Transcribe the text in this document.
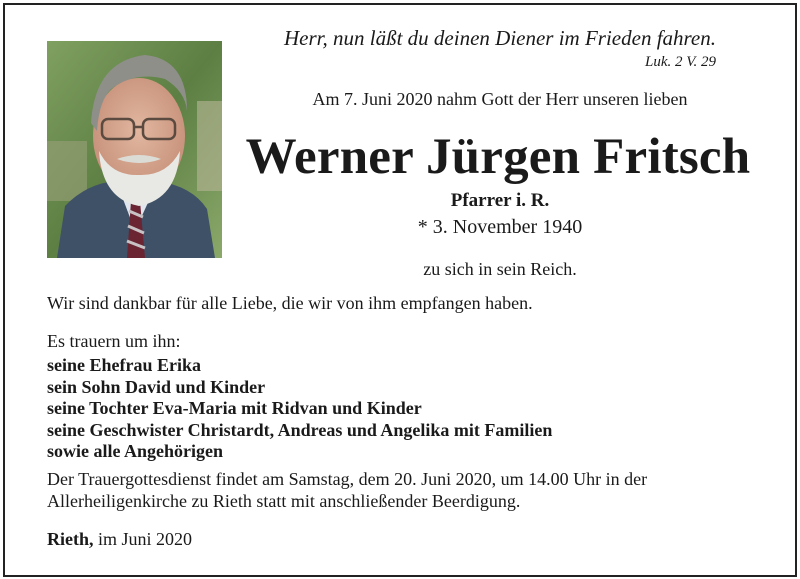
Herr, nun läßt du deinen Diener im Frieden fahren.
Luk. 2 V. 29
Am 7. Juni 2020 nahm Gott der Herr unseren lieben
Werner Jürgen Fritsch
Pfarrer i. R.
* 3. November 1940
zu sich in sein Reich.
Wir sind dankbar für alle Liebe, die wir von ihm empfangen haben.
Es trauern um ihn:
seine Ehefrau Erika
sein Sohn David und Kinder
seine Tochter Eva-Maria mit Ridvan und Kinder
seine Geschwister Christardt, Andreas und Angelika mit Familien
sowie alle Angehörigen
Der Trauergottesdienst findet am Samstag, dem 20. Juni 2020, um 14.00 Uhr in der
Allerheiligenkirche zu Rieth statt mit anschließender Beerdigung.
Rieth, im Juni 2020
